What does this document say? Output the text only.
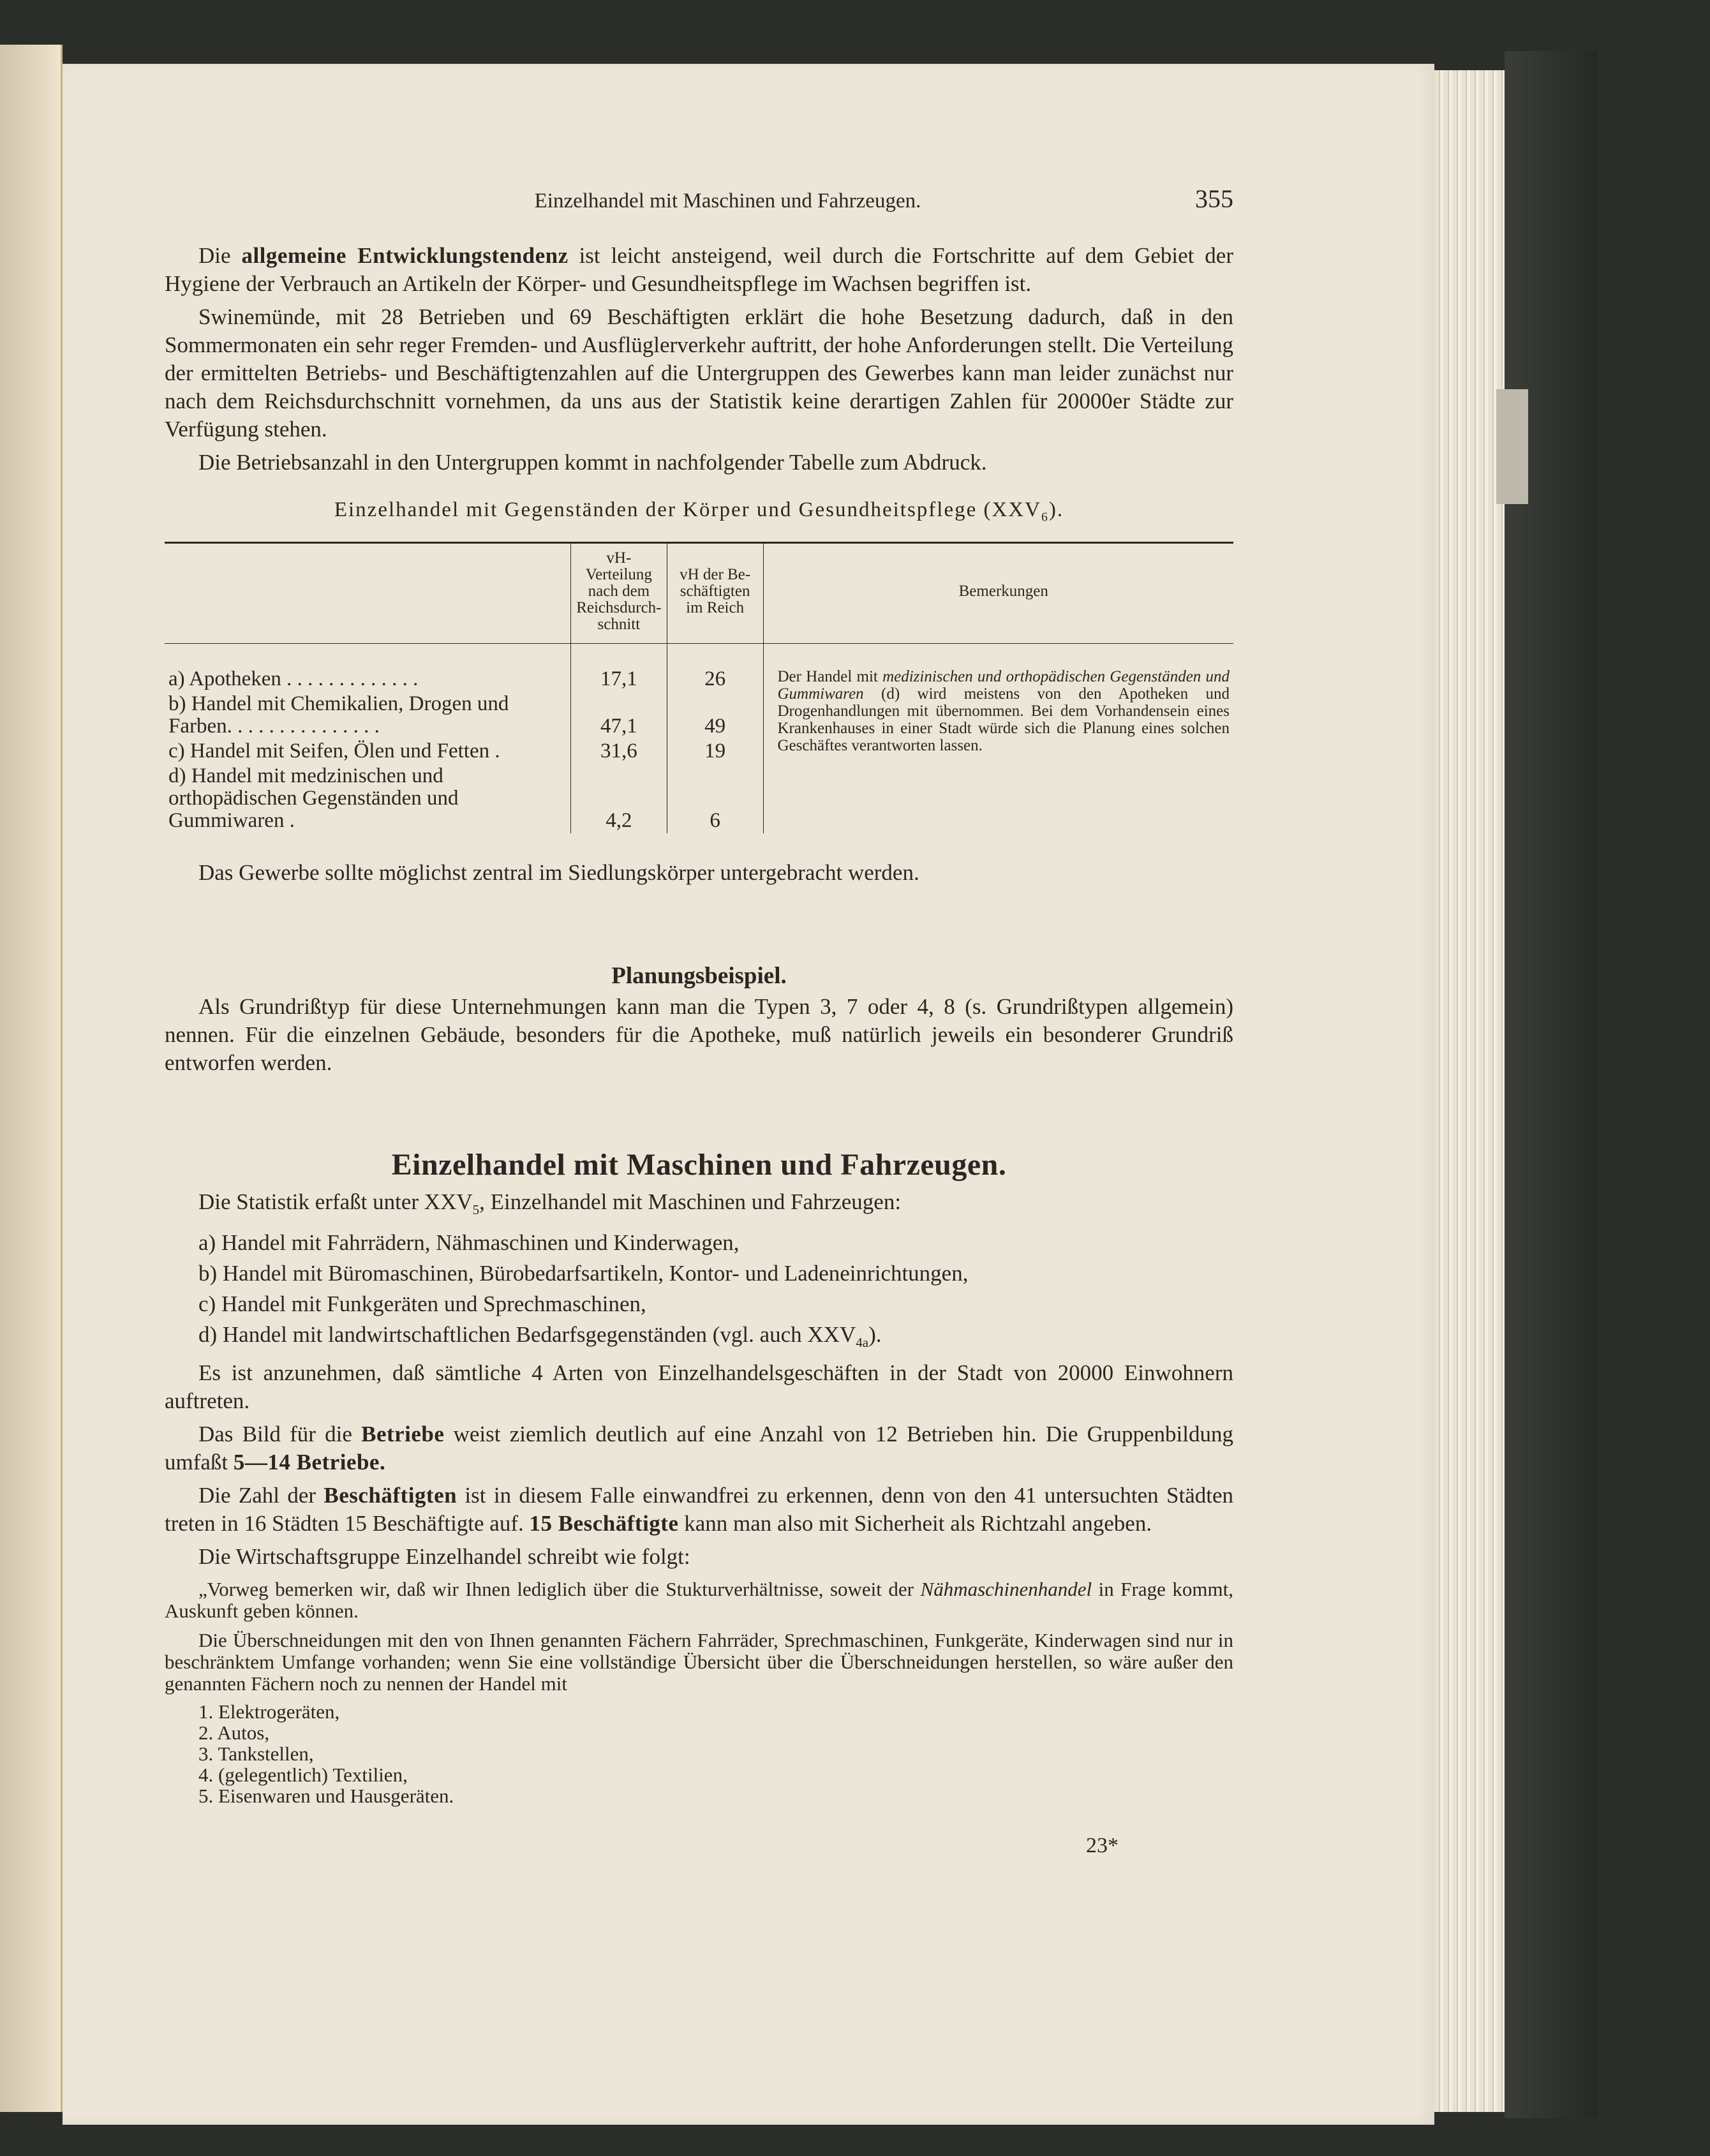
Einzelhandel mit Maschinen und Fahrzeugen.	355

Die allgemeine Entwicklungstendenz ist leicht ansteigend, weil durch die Fortschritte auf dem Gebiet der Hygiene der Verbrauch an Artikeln der Körper- und Gesundheitspflege im Wachsen begriffen ist.

Swinemünde, mit 28 Betrieben und 69 Beschäftigten erklärt die hohe Besetzung dadurch, daß in den Sommermonaten ein sehr reger Fremden- und Ausflüglerverkehr auftritt, der hohe Anforderungen stellt. Die Verteilung der ermittelten Betriebs- und Beschäftigtenzahlen auf die Untergruppen des Gewerbes kann man leider zunächst nur nach dem Reichsdurchschnitt vornehmen, da uns aus der Statistik keine derartigen Zahlen für 20000er Städte zur Verfügung stehen.

Die Betriebsanzahl in den Untergruppen kommt in nachfolgender Tabelle zum Abdruck.

Einzelhandel mit Gegenständen der Körper und Gesundheitspflege $(XXV_6)$.
	vH-Verteilung nach dem Reichsdurch-schnitt	vH der Be-schäftigten im Reich	Bemerkungen
a) Apotheken . . . . . . . . . . . . .	17,1	26	Der Handel mit medizinischen und orthopädischen Gegenständen und Gummiwaren (d) wird meistens von den Apotheken und Drogenhandlungen mit übernommen. Bei dem Vorhandensein eines Krankenhauses in einer Stadt würde sich die Planung eines solchen Geschäftes verantworten lassen.
b) Handel mit Chemikalien, Drogen und Farben. . . . . . . . . . . . . . .	47,1	49	
c) Handel mit Seifen, Ölen und Fetten .	31,6	19	
d) Handel mit medzinischen und orthopädischen Gegenständen und Gummiwaren .	4,2	6	

Das Gewerbe sollte möglichst zentral im Siedlungskörper untergebracht werden.

Planungsbeispiel.

Als Grundrißtyp für diese Unternehmungen kann man die Typen 3, 7 oder 4, 8 (s. Grundrißtypen allgemein) nennen. Für die einzelnen Gebäude, besonders für die Apotheke, muß natürlich jeweils ein besonderer Grundriß entworfen werden.

Einzelhandel mit Maschinen und Fahrzeugen.

Die Statistik erfaßt unter $XXV_5$, Einzelhandel mit Maschinen und Fahrzeugen:

a) Handel mit Fahrrädern, Nähmaschinen und Kinderwagen,
b) Handel mit Büromaschinen, Bürobedarfsartikeln, Kontor- und Ladeneinrichtungen,
c) Handel mit Funkgeräten und Sprechmaschinen,
d) Handel mit landwirtschaftlichen Bedarfsgegenständen (vgl. auch $XXV_{4a}$).

Es ist anzunehmen, daß sämtliche 4 Arten von Einzelhandelsgeschäften in der Stadt von 20000 Einwohnern auftreten.

Das Bild für die Betriebe weist ziemlich deutlich auf eine Anzahl von 12 Betrieben hin. Die Gruppenbildung umfaßt 5—14 Betriebe.

Die Zahl der Beschäftigten ist in diesem Falle einwandfrei zu erkennen, denn von den 41 untersuchten Städten treten in 16 Städten 15 Beschäftigte auf. 15 Beschäftigte kann man also mit Sicherheit als Richtzahl angeben.

Die Wirtschaftsgruppe Einzelhandel schreibt wie folgt:

„Vorweg bemerken wir, daß wir Ihnen lediglich über die Stukturverhältnisse, soweit der Nähmaschinenhandel in Frage kommt, Auskunft geben können.

Die Überschneidungen mit den von Ihnen genannten Fächern Fahrräder, Sprechmaschinen, Funkgeräte, Kinderwagen sind nur in beschränktem Umfange vorhanden; wenn Sie eine vollständige Übersicht über die Überschneidungen herstellen, so wäre außer den genannten Fächern noch zu nennen der Handel mit

1. Elektrogeräten,
2. Autos,
3. Tankstellen,
4. (gelegentlich) Textilien,
5. Eisenwaren und Hausgeräten.
23*
